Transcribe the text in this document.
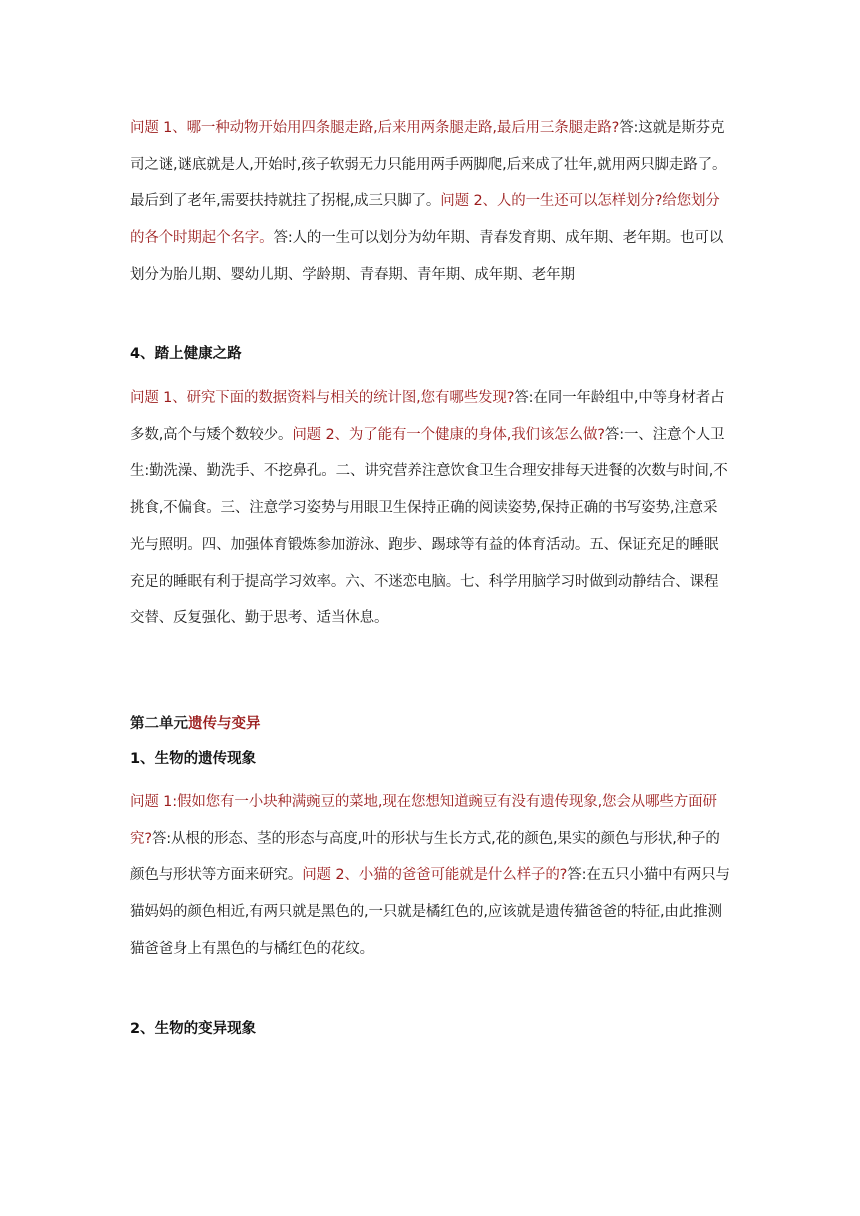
问题 1、哪一种动物开始用四条腿走路,后来用两条腿走路,最后用三条腿走路?答:这就是斯芬克司之谜,谜底就是人,开始时,孩子软弱无力只能用两手两脚爬,后来成了壮年,就用两只脚走路了。最后到了老年,需要扶持就拄了拐棍,成三只脚了。问题 2、人的一生还可以怎样划分?给您划分的各个时期起个名字。答:人的一生可以划分为幼年期、青春发育期、成年期、老年期。也可以划分为胎儿期、婴幼儿期、学龄期、青春期、青年期、成年期、老年期

4、踏上健康之路

问题 1、研究下面的数据资料与相关的统计图,您有哪些发现?答:在同一年龄组中,中等身材者占多数,高个与矮个数较少。问题 2、为了能有一个健康的身体,我们该怎么做?答:一、注意个人卫生:勤洗澡、勤洗手、不挖鼻孔。二、讲究营养注意饮食卫生合理安排每天进餐的次数与时间,不挑食,不偏食。三、注意学习姿势与用眼卫生保持正确的阅读姿势,保持正确的书写姿势,注意采光与照明。四、加强体育锻炼参加游泳、跑步、踢球等有益的体育活动。五、保证充足的睡眠充足的睡眠有利于提高学习效率。六、不迷恋电脑。七、科学用脑学习时做到动静结合、课程交替、反复强化、勤于思考、适当休息。

第二单元遗传与变异
1、生物的遗传现象

问题 1:假如您有一小块种满豌豆的菜地,现在您想知道豌豆有没有遗传现象,您会从哪些方面研究?答:从根的形态、茎的形态与高度,叶的形状与生长方式,花的颜色,果实的颜色与形状,种子的颜色与形状等方面来研究。问题 2、小猫的爸爸可能就是什么样子的?答:在五只小猫中有两只与猫妈妈的颜色相近,有两只就是黑色的,一只就是橘红色的,应该就是遗传猫爸爸的特征,由此推测猫爸爸身上有黑色的与橘红色的花纹。

2、生物的变异现象
